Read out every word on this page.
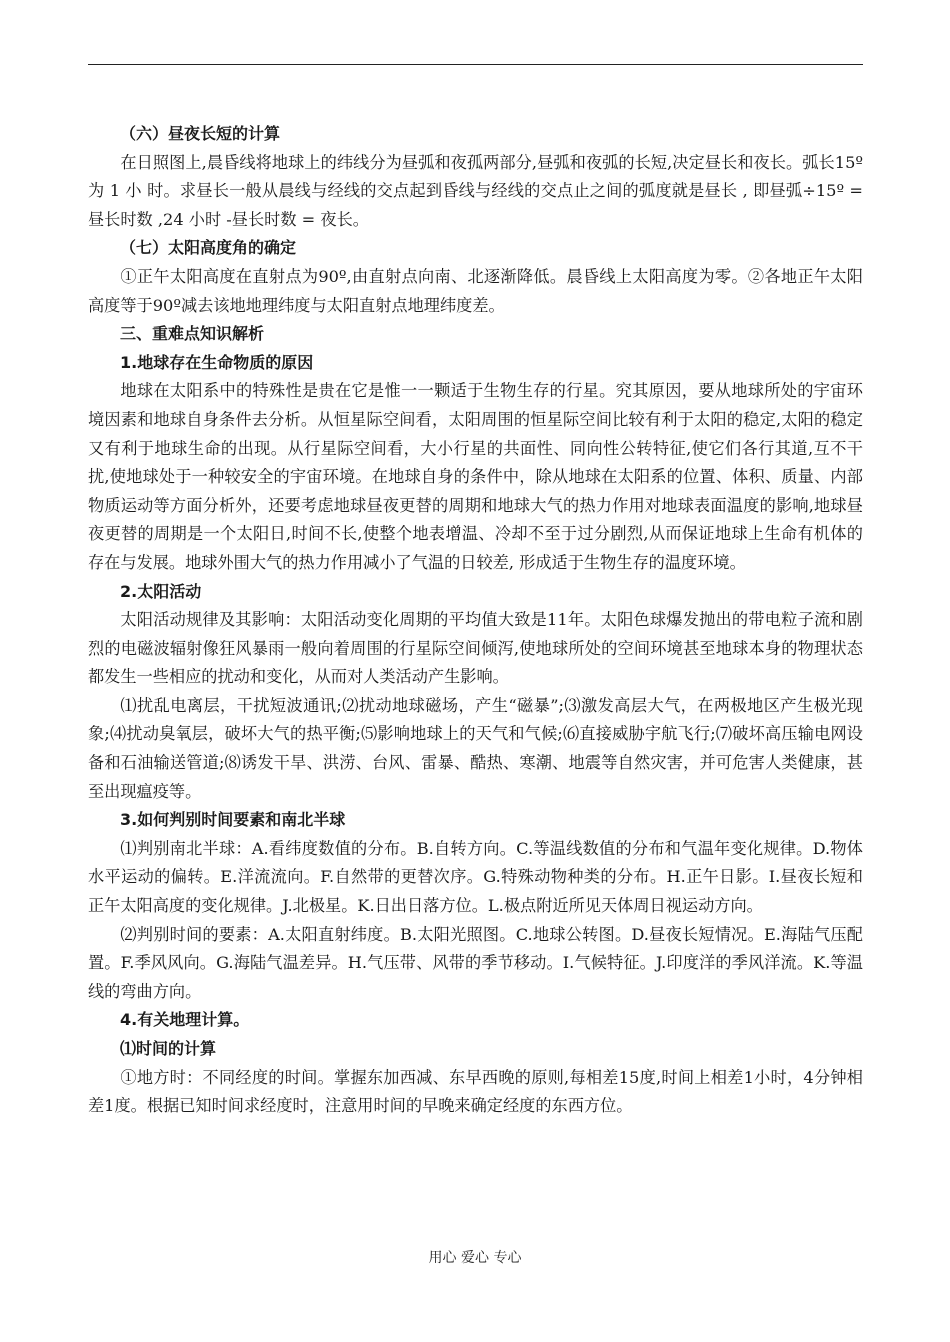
（六）昼夜长短的计算

在日照图上,晨昏线将地球上的纬线分为昼弧和夜孤两部分,昼弧和夜弧的长短,决定昼长和夜长。弧长15º为 1 小 时。求昼长一般从晨线与经线的交点起到昏线与经线的交点止之间的弧度就是昼长 , 即昼弧÷15º = 昼长时数 ,24 小时 -昼长时数 = 夜长。

（七）太阳高度角的确定

①正午太阳高度在直射点为90º,由直射点向南、北逐渐降低。晨昏线上太阳高度为零。②各地正午太阳高度等于90º减去该地地理纬度与太阳直射点地理纬度差。

三、重难点知识解析

1.地球存在生命物质的原因

地球在太阳系中的特殊性是贵在它是惟一一颗适于生物生存的行星。究其原因，要从地球所处的宇宙环境因素和地球自身条件去分析。从恒星际空间看，太阳周围的恒星际空间比较有利于太阳的稳定,太阳的稳定又有利于地球生命的出现。从行星际空间看，大小行星的共面性、同向性公转特征,使它们各行其道,互不干扰,使地球处于一种较安全的宇宙环境。在地球自身的条件中，除从地球在太阳系的位置、体积、质量、内部物质运动等方面分析外，还要考虑地球昼夜更替的周期和地球大气的热力作用对地球表面温度的影响,地球昼夜更替的周期是一个太阳日,时间不长,使整个地表增温、冷却不至于过分剧烈,从而保证地球上生命有机体的存在与发展。地球外围大气的热力作用减小了气温的日较差, 形成适于生物生存的温度环境。

2.太阳活动

太阳活动规律及其影响：太阳活动变化周期的平均值大致是11年。太阳色球爆发抛出的带电粒子流和剧烈的电磁波辐射像狂风暴雨一般向着周围的行星际空间倾泻,使地球所处的空间环境甚至地球本身的物理状态都发生一些相应的扰动和变化，从而对人类活动产生影响。

⑴扰乱电离层，干扰短波通讯;⑵扰动地球磁场，产生“磁暴”;⑶激发高层大气，在两极地区产生极光现象;⑷扰动臭氧层，破坏大气的热平衡;⑸影响地球上的天气和气候;⑹直接威胁宇航飞行;⑺破坏高压输电网设备和石油输送管道;⑻诱发干旱、洪涝、台风、雷暴、酷热、寒潮、地震等自然灾害，并可危害人类健康，甚至出现瘟疫等。

3.如何判别时间要素和南北半球

⑴判别南北半球：A.看纬度数值的分布。B.自转方向。C.等温线数值的分布和气温年变化规律。D.物体水平运动的偏转。E.洋流流向。F.自然带的更替次序。G.特殊动物种类的分布。H.正午日影。I.昼夜长短和正午太阳高度的变化规律。J.北极星。K.日出日落方位。L.极点附近所见天体周日视运动方向。

⑵判别时间的要素：A.太阳直射纬度。B.太阳光照图。C.地球公转图。D.昼夜长短情况。E.海陆气压配置。F.季风风向。G.海陆气温差异。H.气压带、风带的季节移动。I.气候特征。J.印度洋的季风洋流。K.等温线的弯曲方向。

4.有关地理计算。

⑴时间的计算

①地方时：不同经度的时间。掌握东加西减、东早西晚的原则,每相差15度,时间上相差1小时，4分钟相差1度。根据已知时间求经度时，注意用时间的早晚来确定经度的东西方位。

用心 爱心 专心
